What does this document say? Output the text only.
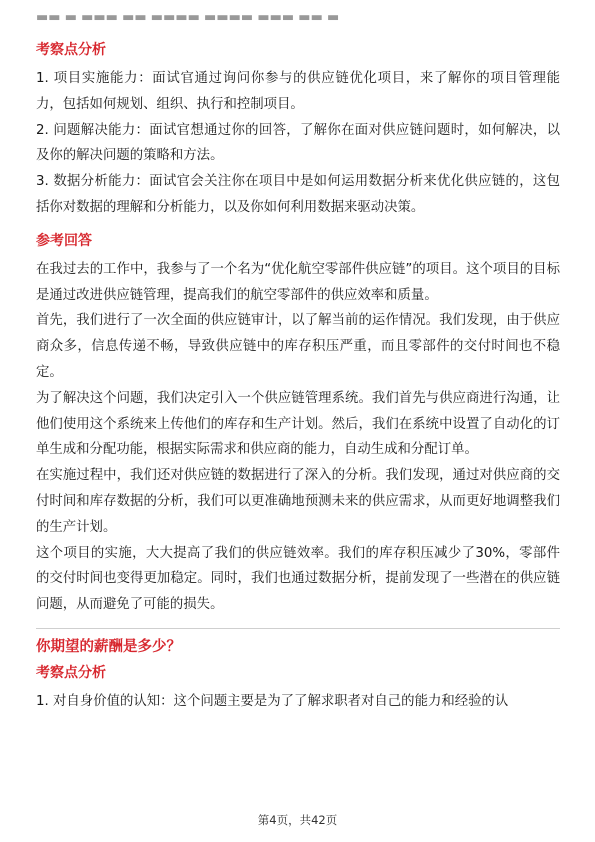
▬▬ ▬ ▬▬▬ ▬▬ ▬▬▬▬ ▬▬▬▬ ▬▬▬ ▬▬ ▬
考察点分析

1. 项目实施能力：面试官通过询问你参与的供应链优化项目，来了解你的项目管理能力，包括如何规划、组织、执行和控制项目。

2. 问题解决能力：面试官想通过你的回答，了解你在面对供应链问题时，如何解决，以及你的解决问题的策略和方法。

3. 数据分析能力：面试官会关注你在项目中是如何运用数据分析来优化供应链的，这包括你对数据的理解和分析能力，以及你如何利用数据来驱动决策。

参考回答

在我过去的工作中，我参与了一个名为“优化航空零部件供应链”的项目。这个项目的目标是通过改进供应链管理，提高我们的航空零部件的供应效率和质量。

首先，我们进行了一次全面的供应链审计，以了解当前的运作情况。我们发现，由于供应商众多，信息传递不畅，导致供应链中的库存积压严重，而且零部件的交付时间也不稳定。

为了解决这个问题，我们决定引入一个供应链管理系统。我们首先与供应商进行沟通，让他们使用这个系统来上传他们的库存和生产计划。然后，我们在系统中设置了自动化的订单生成和分配功能，根据实际需求和供应商的能力，自动生成和分配订单。

在实施过程中，我们还对供应链的数据进行了深入的分析。我们发现，通过对供应商的交付时间和库存数据的分析，我们可以更准确地预测未来的供应需求，从而更好地调整我们的生产计划。

这个项目的实施，大大提高了我们的供应链效率。我们的库存积压减少了30%，零部件的交付时间也变得更加稳定。同时，我们也通过数据分析，提前发现了一些潜在的供应链问题，从而避免了可能的损失。

你期望的薪酬是多少？
考察点分析

1. 对自身价值的认知：这个问题主要是为了了解求职者对自己的能力和经验的认

第4页，共42页
